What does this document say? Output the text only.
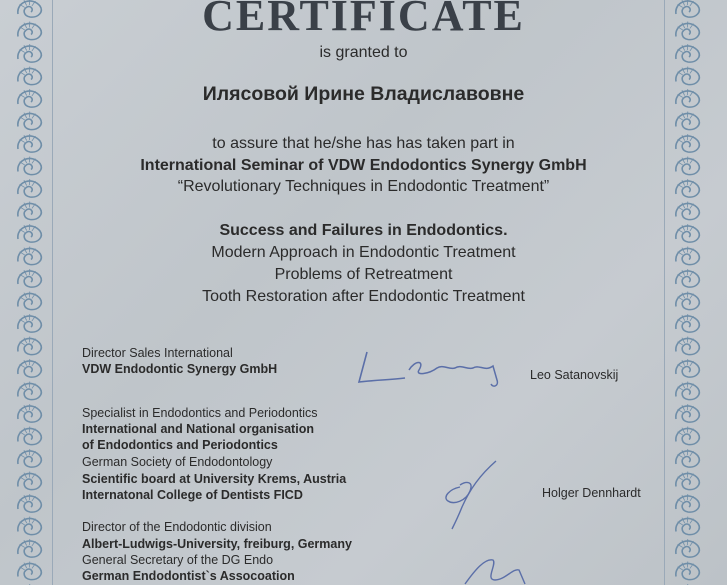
CERTIFICATE
is granted to
Илясовой Ирине Владиславовне
to assure that he/she has has taken part in
International Seminar of VDW Endodontics Synergy GmbH
“Revolutionary Techniques in Endodontic Treatment”
Success and Failures in Endodontics.
Modern Approach in Endodontic Treatment
Problems of Retreatment
Tooth Restoration after Endodontic Treatment
Director Sales International
VDW Endodontic Synergy GmbH	Leo Satanovskij
Specialist in Endodontics and Periodontics
International and National organisation
of Endodontics and Periodontics
German Society of Endodontology
Scientific board at University Krems, Austria
Internatonal College of Dentists FICD	Holger Dennhardt
Director of the Endodontic division
Albert-Ludwigs-University, freiburg, Germany
General Secretary of the DG Endo
German Endodontist`s Assocoation
